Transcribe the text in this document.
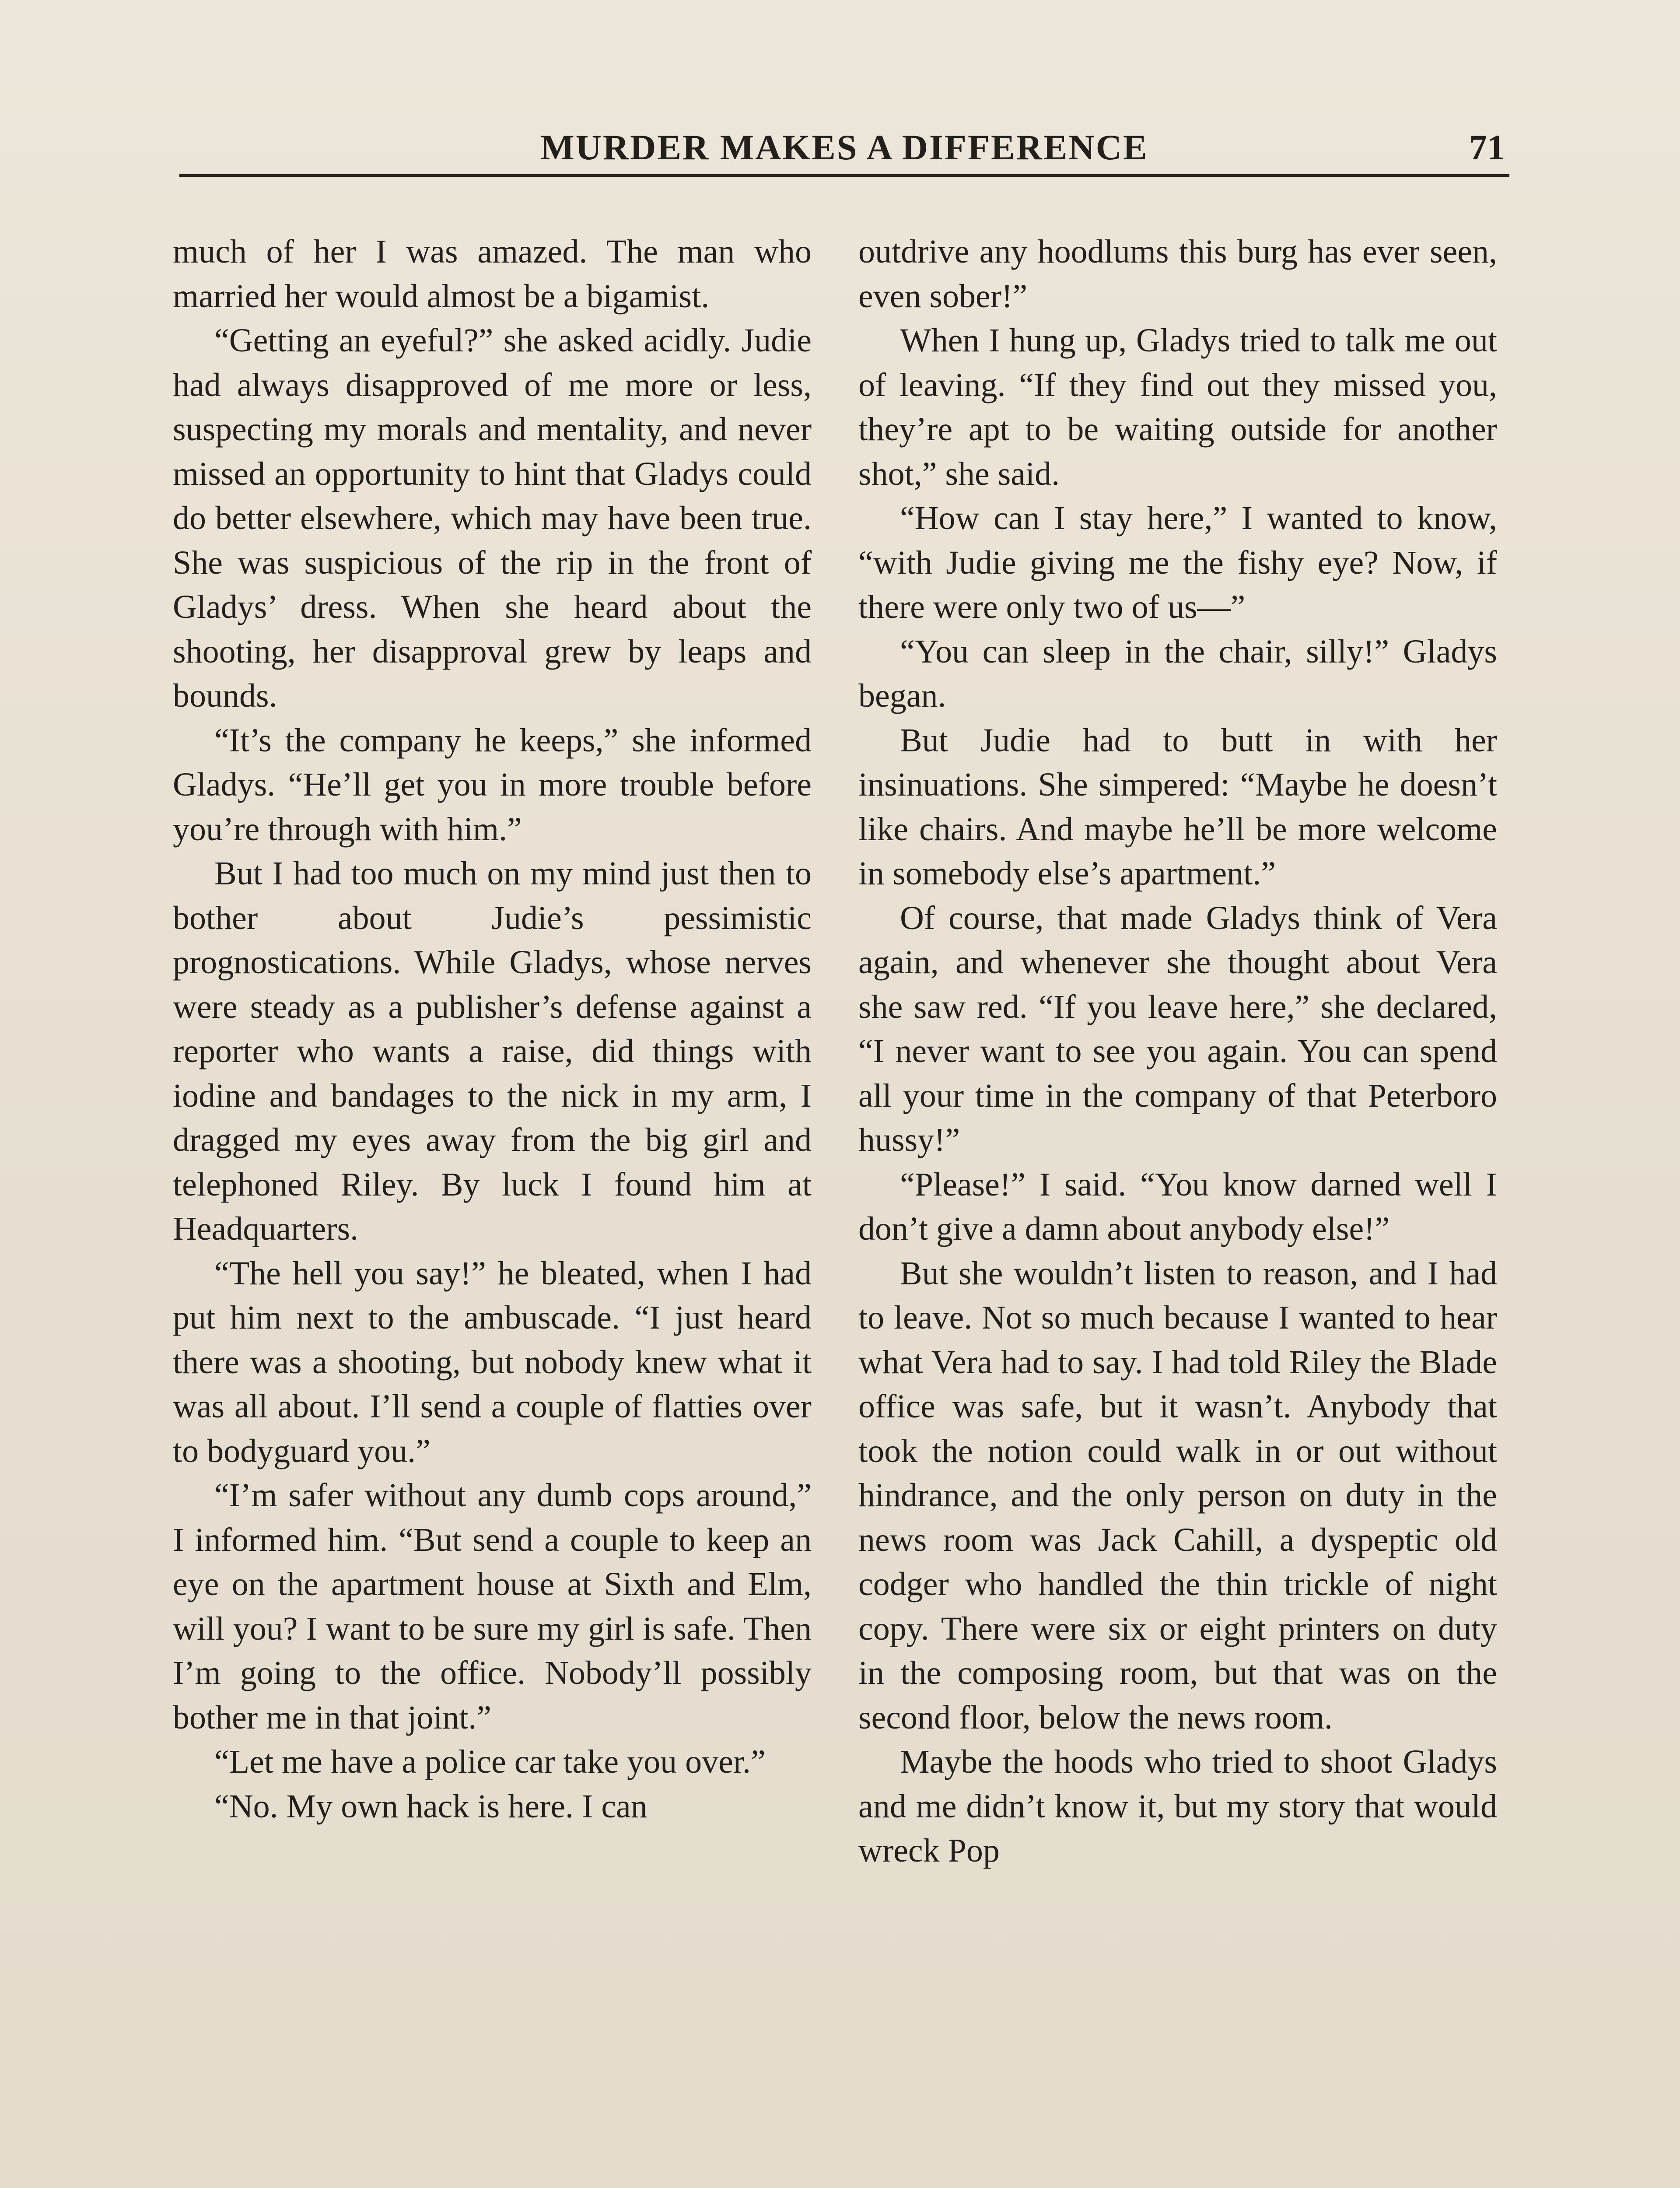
MURDER MAKES A DIFFERENCE	71

much of her I was amazed. The man who married her would almost be a bigamist.

“Getting an eyeful?” she asked acidly. Judie had always disapproved of me more or less, suspecting my morals and mentality, and never missed an opportunity to hint that Gladys could do better elsewhere, which may have been true. She was suspicious of the rip in the front of Gladys’ dress. When she heard about the shooting, her disapproval grew by leaps and bounds.

“It’s the company he keeps,” she informed Gladys. “He’ll get you in more trouble before you’re through with him.”

But I had too much on my mind just then to bother about Judie’s pessimistic prognostications. While Gladys, whose nerves were steady as a publisher’s defense against a reporter who wants a raise, did things with iodine and bandages to the nick in my arm, I dragged my eyes away from the big girl and telephoned Riley. By luck I found him at Headquarters.

“The hell you say!” he bleated, when I had put him next to the ambuscade. “I just heard there was a shooting, but nobody knew what it was all about. I’ll send a couple of flatties over to bodyguard you.”

“I’m safer without any dumb cops around,” I informed him. “But send a couple to keep an eye on the apartment house at Sixth and Elm, will you? I want to be sure my girl is safe. Then I’m going to the office. Nobody’ll possibly bother me in that joint.”

“Let me have a police car take you over.”

“No. My own hack is here. I can

outdrive any hoodlums this burg has ever seen, even sober!”

When I hung up, Gladys tried to talk me out of leaving. “If they find out they missed you, they’re apt to be waiting outside for another shot,” she said.

“How can I stay here,” I wanted to know, “with Judie giving me the fishy eye? Now, if there were only two of us—”

“You can sleep in the chair, silly!” Gladys began.

But Judie had to butt in with her insinuations. She simpered: “Maybe he doesn’t like chairs. And maybe he’ll be more welcome in somebody else’s apartment.”

Of course, that made Gladys think of Vera again, and whenever she thought about Vera she saw red. “If you leave here,” she declared, “I never want to see you again. You can spend all your time in the company of that Peterboro hussy!”

“Please!” I said. “You know darned well I don’t give a damn about anybody else!”

But she wouldn’t listen to reason, and I had to leave. Not so much because I wanted to hear what Vera had to say. I had told Riley the Blade office was safe, but it wasn’t. Anybody that took the notion could walk in or out without hindrance, and the only person on duty in the news room was Jack Cahill, a dyspeptic old codger who handled the thin trickle of night copy. There were six or eight printers on duty in the composing room, but that was on the second floor, below the news room.

Maybe the hoods who tried to shoot Gladys and me didn’t know it, but my story that would wreck Pop
